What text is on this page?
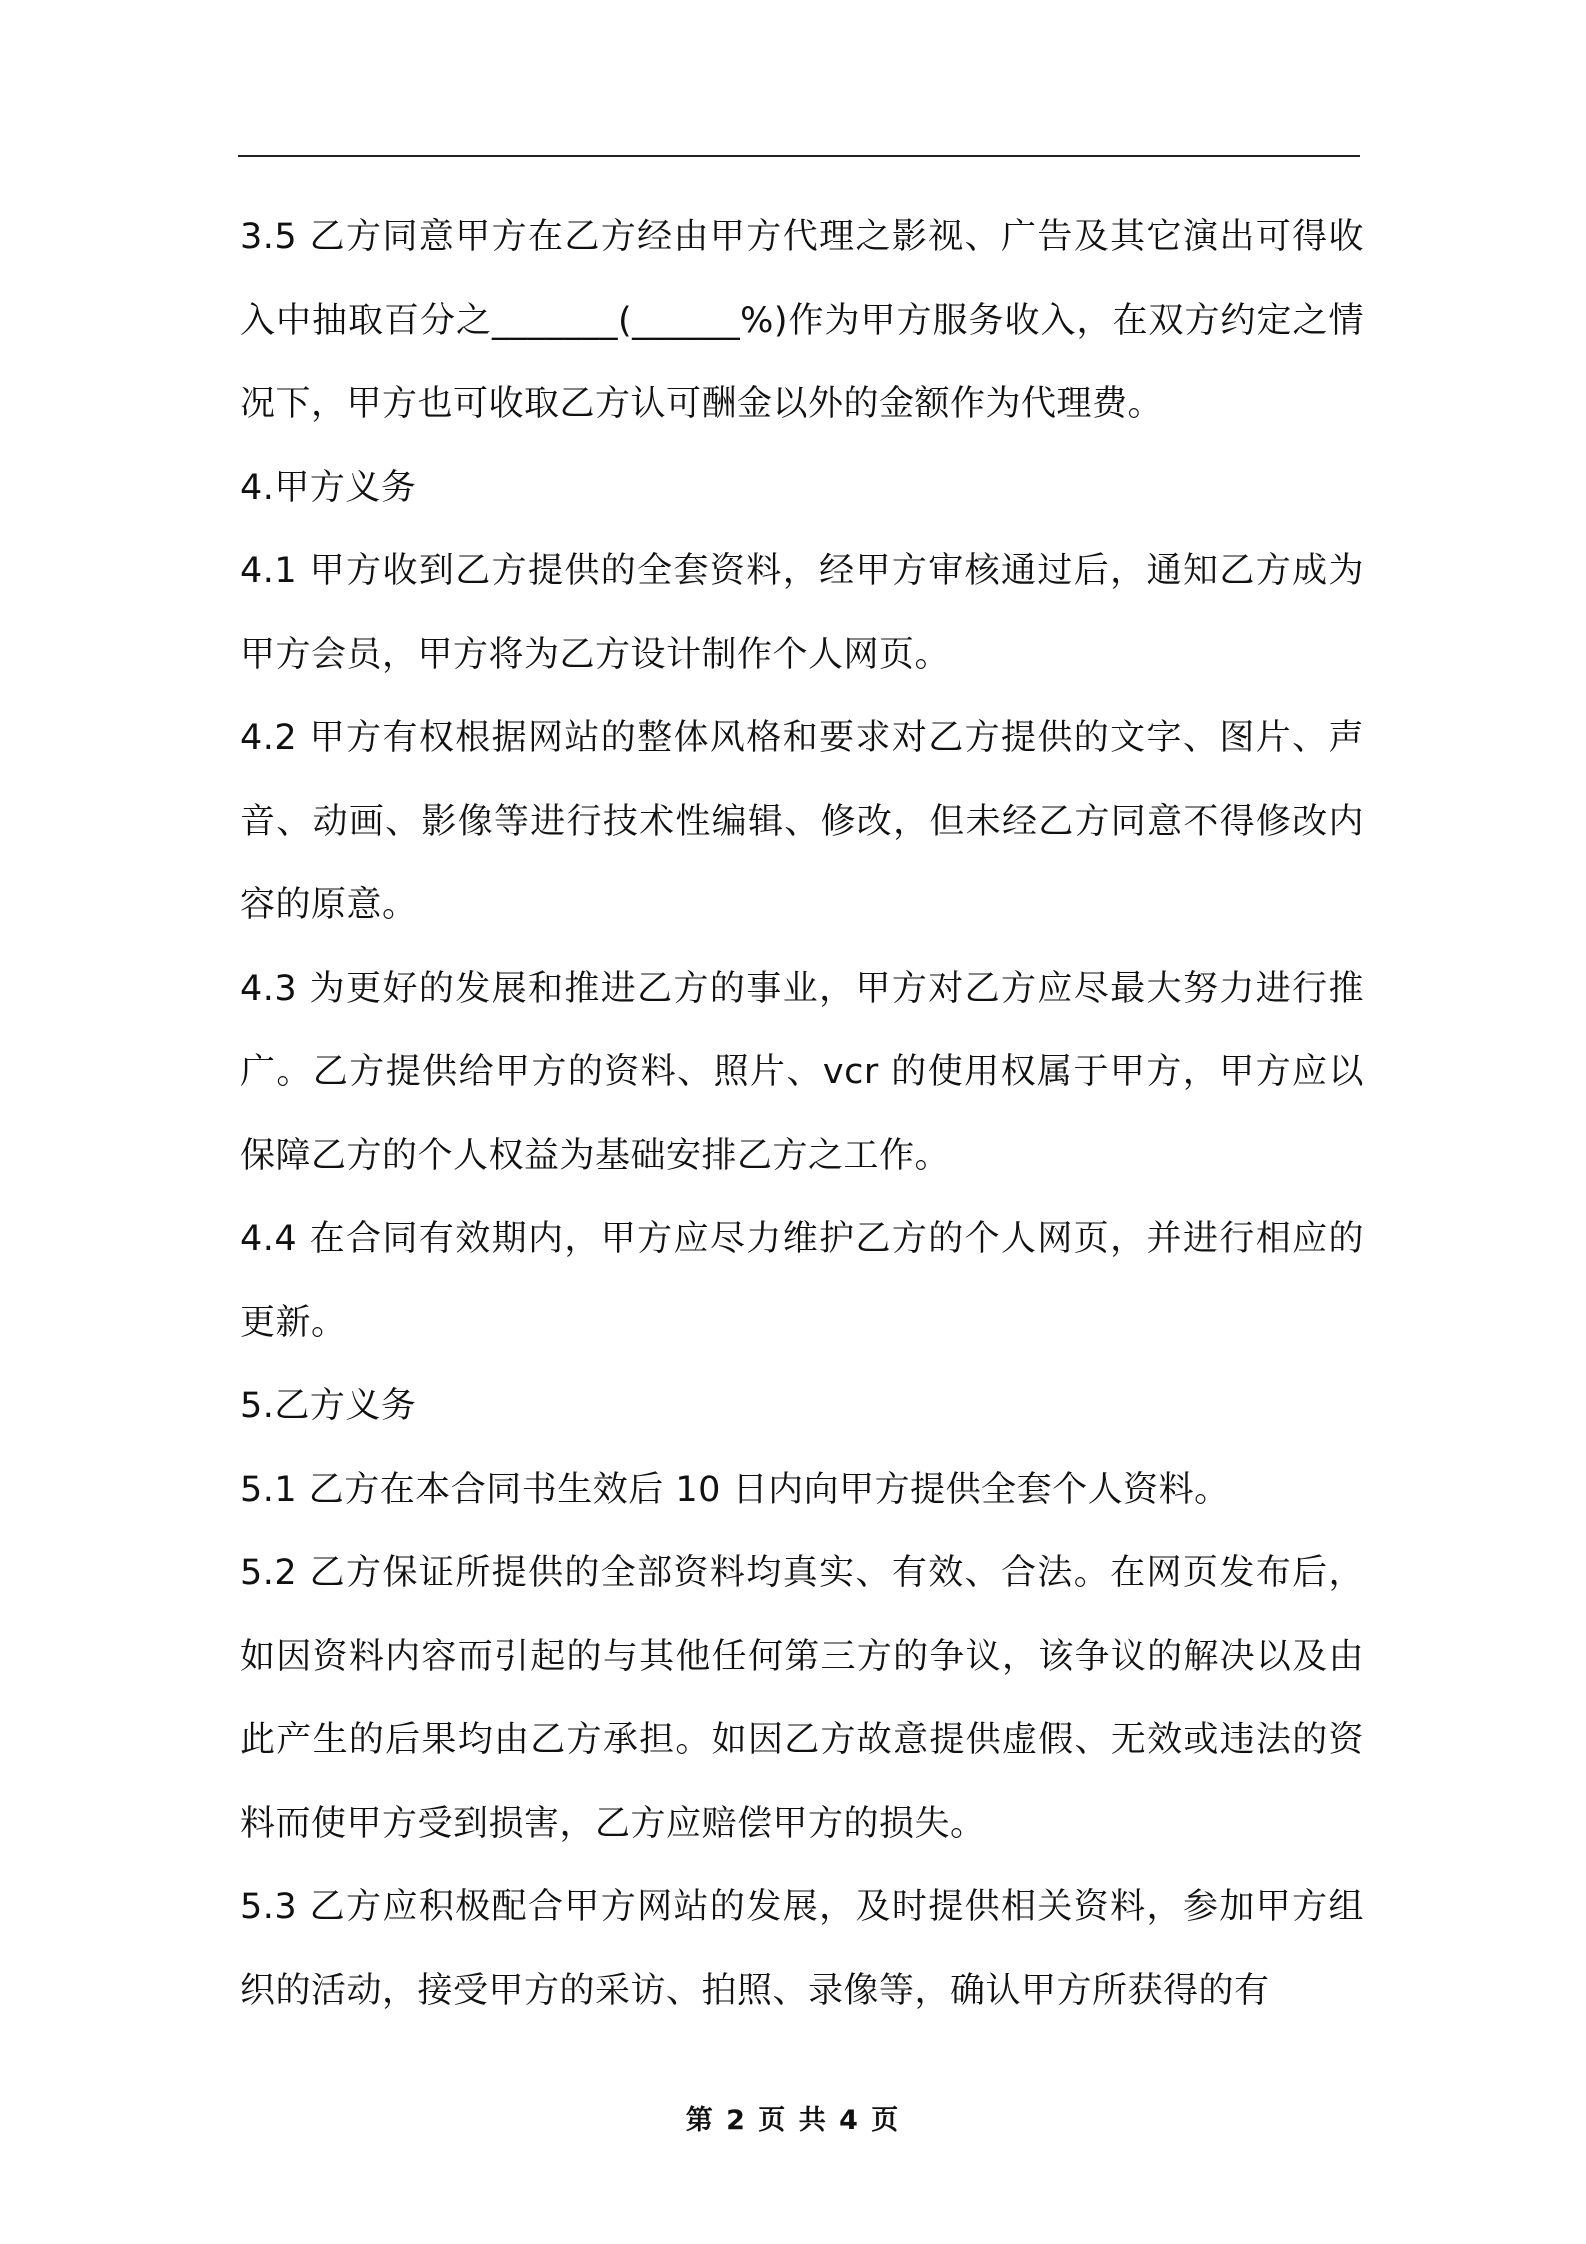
3.5 乙方同意甲方在乙方经由甲方代理之影视、广告及其它演出可得收入中抽取百分之_______(______%)作为甲方服务收入，在双方约定之情况下，甲方也可收取乙方认可酬金以外的金额作为代理费。

4.甲方义务

4.1 甲方收到乙方提供的全套资料，经甲方审核通过后，通知乙方成为甲方会员，甲方将为乙方设计制作个人网页。

4.2 甲方有权根据网站的整体风格和要求对乙方提供的文字、图片、声音、动画、影像等进行技术性编辑、修改，但未经乙方同意不得修改内容的原意。

4.3 为更好的发展和推进乙方的事业，甲方对乙方应尽最大努力进行推广。乙方提供给甲方的资料、照片、vcr 的使用权属于甲方，甲方应以保障乙方的个人权益为基础安排乙方之工作。

4.4 在合同有效期内，甲方应尽力维护乙方的个人网页，并进行相应的更新。

5.乙方义务

5.1 乙方在本合同书生效后 10 日内向甲方提供全套个人资料。

5.2 乙方保证所提供的全部资料均真实、有效、合法。在网页发布后，如因资料内容而引起的与其他任何第三方的争议，该争议的解决以及由此产生的后果均由乙方承担。如因乙方故意提供虚假、无效或违法的资料而使甲方受到损害，乙方应赔偿甲方的损失。

5.3 乙方应积极配合甲方网站的发展，及时提供相关资料，参加甲方组织的活动，接受甲方的采访、拍照、录像等，确认甲方所获得的有

第 2 页 共 4 页
